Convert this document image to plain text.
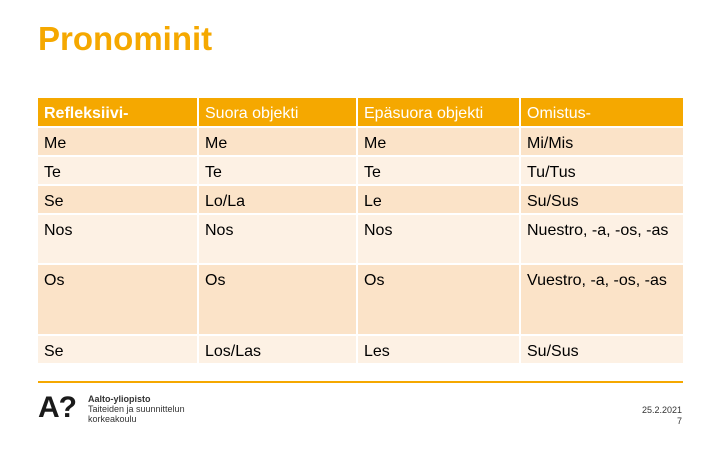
Pronominit
Refleksiivi-	Suora objekti	Epäsuora objekti	Omistus-
Me	Me	Me	Mi/Mis
Te	Te	Te	Tu/Tus
Se	Lo/La	Le	Su/Sus
Nos	Nos	Nos	Nuestro, -a, -os, -as
Os	Os	Os	Vuestro, -a, -os, -as
Se	Los/Las	Les	Su/Sus
A? Aalto-yliopisto
Taiteiden ja suunnittelun
korkeakoulu
25.2.2021
7
